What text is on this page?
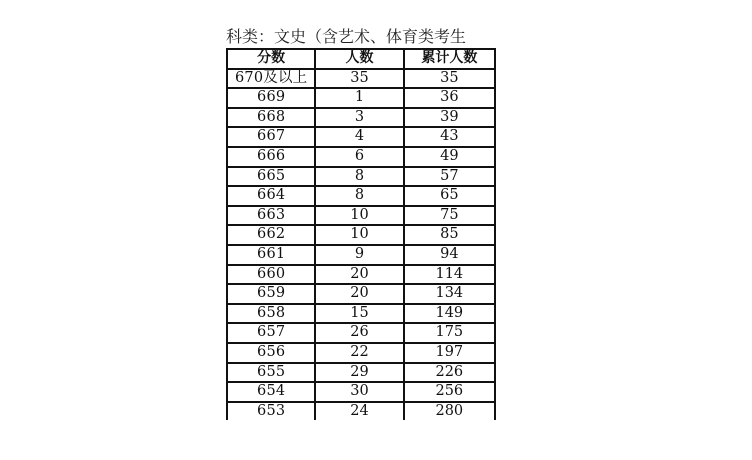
科类：文史（含艺术、体育类考生
分数	人数	累计人数
670及以上	35	35
669	1	36
668	3	39
667	4	43
666	6	49
665	8	57
664	8	65
663	10	75
662	10	85
661	9	94
660	20	114
659	20	134
658	15	149
657	26	175
656	22	197
655	29	226
654	30	256
653	24	280
